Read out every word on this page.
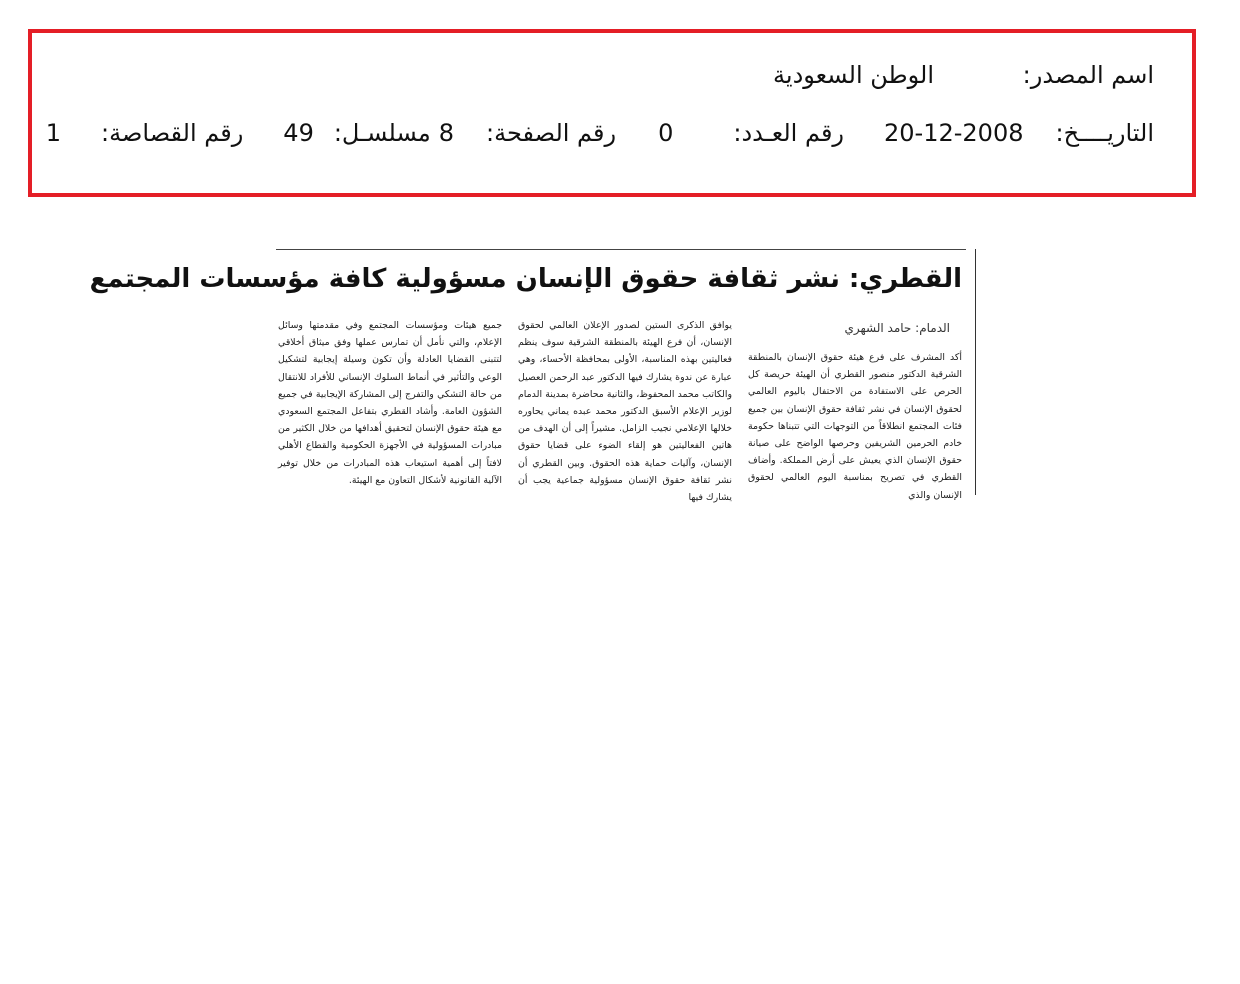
اسم المصدر:
الوطن السعودية
التاريــــخ:
20-12-2008
رقم العـدد:
0
رقم الصفحة:
8
مسلسـل:
49
رقم القصاصة:
1
القطري: نشر ثقافة حقوق الإنسان مسؤولية كافة مؤسسات المجتمع
الدمام: حامد الشهري
أكد المشرف على فرع هيئة حقوق الإنسان بالمنطقة الشرقية الدكتور منصور القطري أن الهيئة حريصة كل الحرص على الاستفادة من الاحتفال باليوم العالمي لحقوق الإنسان في نشر ثقافة حقوق الإنسان بين جميع فئات المجتمع انطلاقاً من التوجهات التي تتبناها حكومة خادم الحرمين الشريفين وحرصها الواضح على صيانة حقوق الإنسان الذي يعيش على أرض المملكة. وأضاف القطري في تصريح بمناسبة اليوم العالمي لحقوق الإنسان والذي
يوافق الذكرى الستين لصدور الإعلان العالمي لحقوق الإنسان، أن فرع الهيئة بالمنطقة الشرقية سوف ينظم فعاليتين بهذه المناسبة، الأولى بمحافظة الأحساء، وهي عبارة عن ندوة يشارك فيها الدكتور عبد الرحمن العصيل والكاتب محمد المحفوظ، والثانية محاضرة بمدينة الدمام لوزير الإعلام الأسبق الدكتور محمد عبده يماني يحاوره خلالها الإعلامي نجيب الزامل. مشيراً إلى أن الهدف من هاتين الفعاليتين هو إلقاء الضوء على قضايا حقوق الإنسان، وآليات حماية هذه الحقوق. وبين القطري أن نشر ثقافة حقوق الإنسان مسؤولية جماعية يجب أن يشارك فيها
جميع هيئات ومؤسسات المجتمع وفي مقدمتها وسائل الإعلام، والتي نأمل أن تمارس عملها وفق ميثاق أخلاقي لتتبنى القضايا العادلة وأن تكون وسيلة إيجابية لتشكيل الوعي والتأثير في أنماط السلوك الإنساني للأفراد للانتقال من حالة التشكي والتفرج إلى المشاركة الإيجابية في جميع الشؤون العامة. وأشاد القطري بتفاعل المجتمع السعودي مع هيئة حقوق الإنسان لتحقيق أهدافها من خلال الكثير من مبادرات المسؤولية في الأجهزة الحكومية والقطاع الأهلي لافتاً إلى أهمية استيعاب هذه المبادرات من خلال توفير الآلية القانونية لأشكال التعاون مع الهيئة.
